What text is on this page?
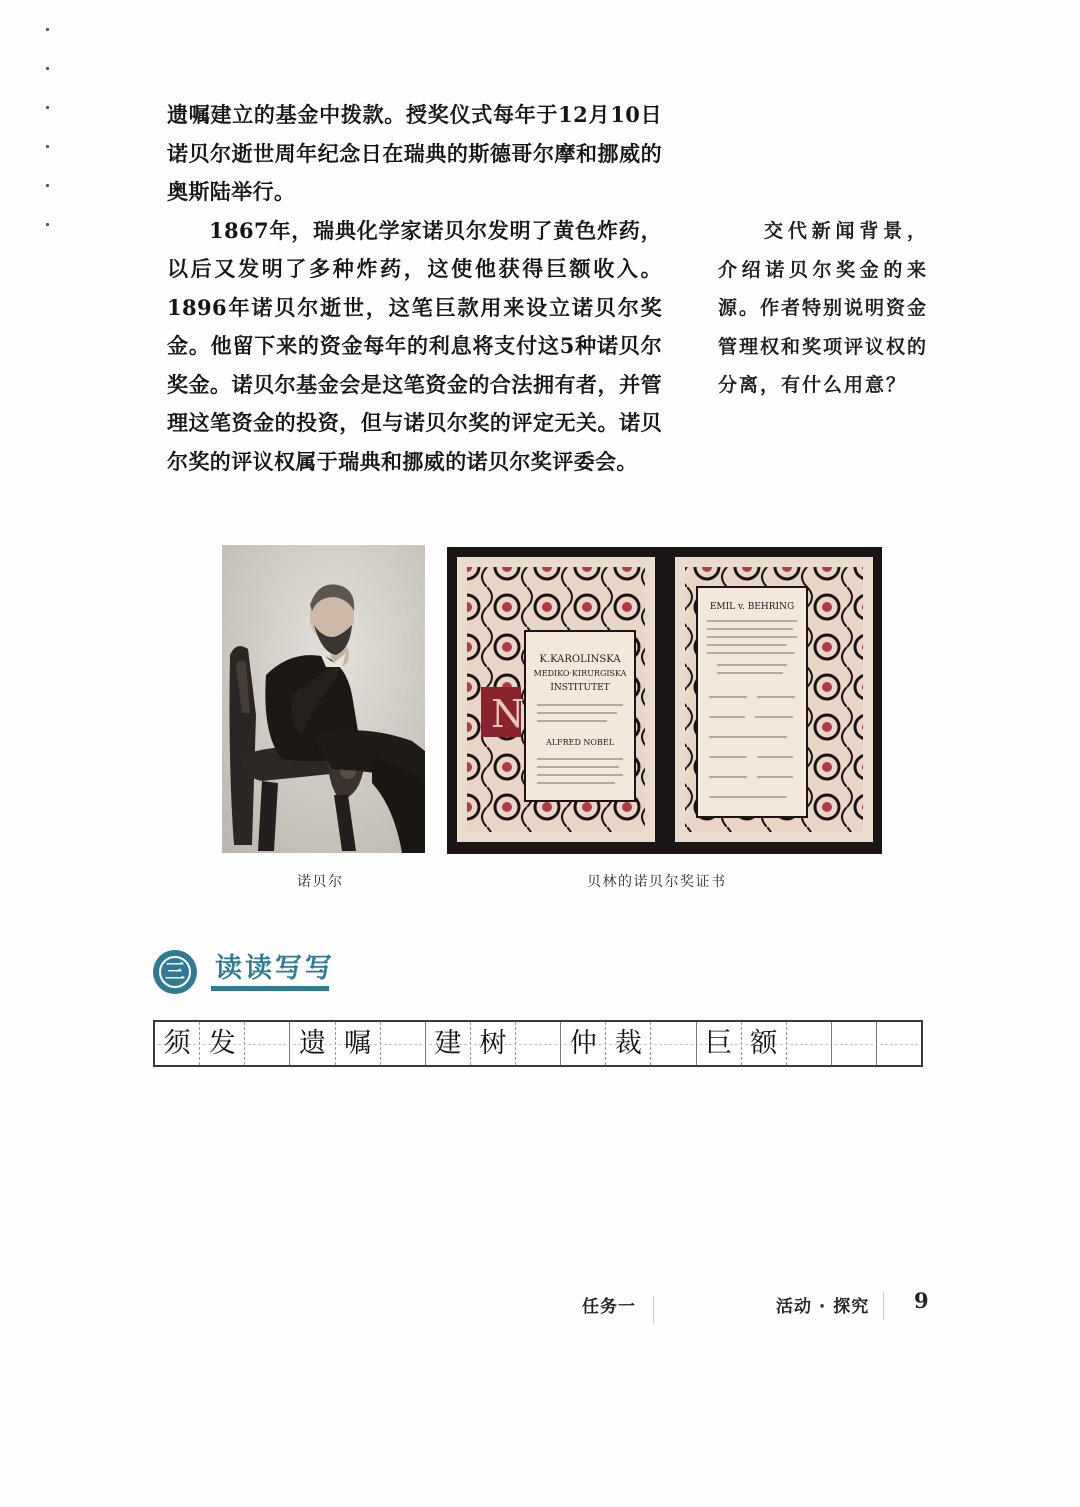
遗嘱建立的基金中拨款。授奖仪式每年于12月10日诺贝尔逝世周年纪念日在瑞典的斯德哥尔摩和挪威的奥斯陆举行。

1867年，瑞典化学家诺贝尔发明了黄色炸药，以后又发明了多种炸药，这使他获得巨额收入。1896年诺贝尔逝世，这笔巨款用来设立诺贝尔奖金。他留下来的资金每年的利息将支付这5种诺贝尔奖金。诺贝尔基金会是这笔资金的合法拥有者，并管理这笔资金的投资，但与诺贝尔奖的评定无关。诺贝尔奖的评议权属于瑞典和挪威的诺贝尔奖评委会。

交代新闻背景，介绍诺贝尔奖金的来源。作者特别说明资金管理权和奖项评议权的分离，有什么用意？
N
K.KAROLINSKA
MEDIKO·KIRURGISKA
INSTITUTET
ALFRED NOBEL
EMIL v. BEHRING
诺贝尔	贝林的诺贝尔奖证书
三 读读写写
须 发	遗 嘱	建 树	仲 裁	巨 额
任务一	活动 · 探究 9
